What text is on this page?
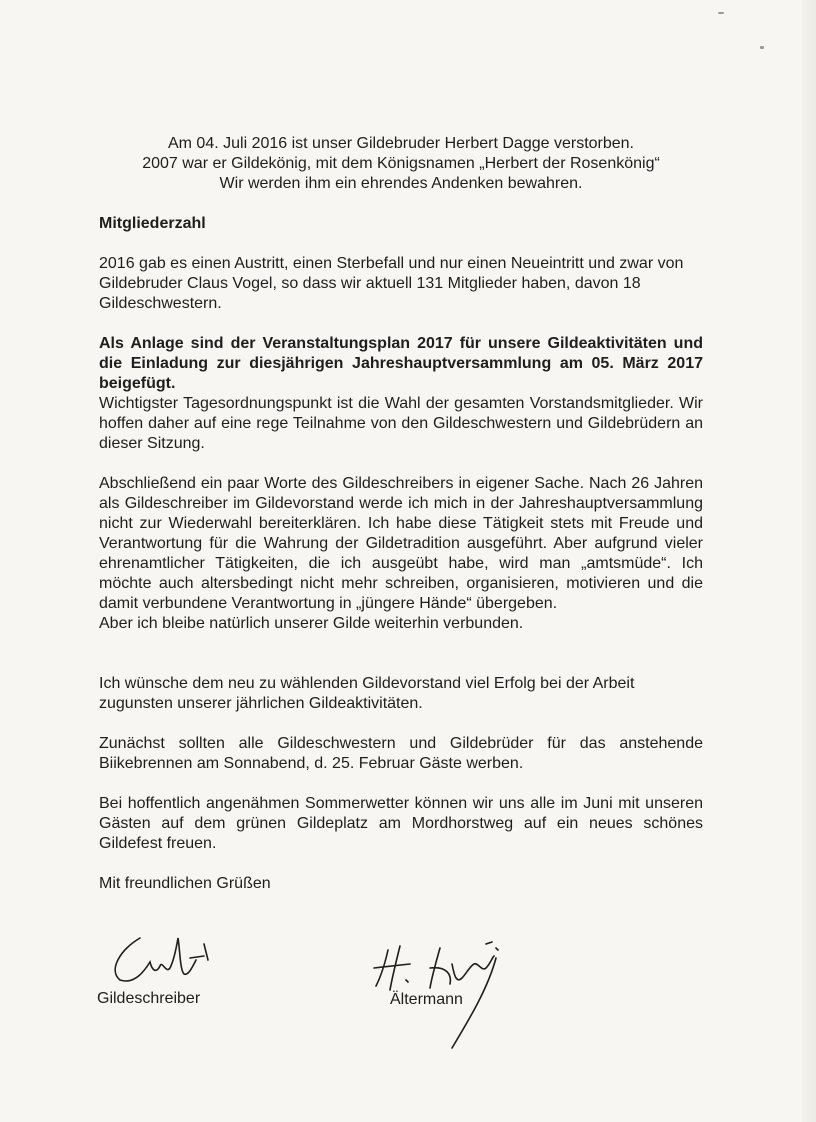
Am 04. Juli 2016 ist unser Gildebruder Herbert Dagge verstorben.

2007 war er Gildekönig, mit dem Königsnamen „Herbert der Rosenkönig“

Wir werden ihm ein ehrendes Andenken bewahren.

Mitgliederzahl

2016 gab es einen Austritt, einen Sterbefall und nur einen Neueintritt und zwar von Gildebruder Claus Vogel, so dass wir aktuell 131 Mitglieder haben, davon 18 Gildeschwestern.

Als Anlage sind der Veranstaltungsplan 2017 für unsere Gildeaktivitäten und die Einladung zur diesjährigen Jahreshauptversammlung am 05. März 2017 beigefügt.

Wichtigster Tagesordnungspunkt ist die Wahl der gesamten Vorstandsmitglieder. Wir hoffen daher auf eine rege Teilnahme von den Gildeschwestern und Gildebrüdern an dieser Sitzung.

Abschließend ein paar Worte des Gildeschreibers in eigener Sache. Nach 26 Jahren als Gildeschreiber im Gildevorstand werde ich mich in der Jahreshauptversammlung nicht zur Wiederwahl bereiterklären. Ich habe diese Tätigkeit stets mit Freude und Verantwortung für die Wahrung der Gildetradition ausgeführt. Aber aufgrund vieler ehrenamtlicher Tätigkeiten, die ich ausgeübt habe, wird man „amtsmüde“. Ich möchte auch altersbedingt nicht mehr schreiben, organisieren, motivieren und die damit verbundene Verantwortung in „jüngere Hände“ übergeben.

Aber ich bleibe natürlich unserer Gilde weiterhin verbunden.

Ich wünsche dem neu zu wählenden Gildevorstand viel Erfolg bei der Arbeit zugunsten unserer jährlichen Gildeaktivitäten.

Zunächst sollten alle Gildeschwestern und Gildebrüder für das anstehende Biikebrennen am Sonnabend, d. 25. Februar Gäste werben.

Bei hoffentlich angenähmen Sommerwetter können wir uns alle im Juni mit unseren Gästen auf dem grünen Gildeplatz am Mordhorstweg auf ein neues schönes Gildefest freuen.

Mit freundlichen Grüßen

Gildeschreiber	Ältermann
